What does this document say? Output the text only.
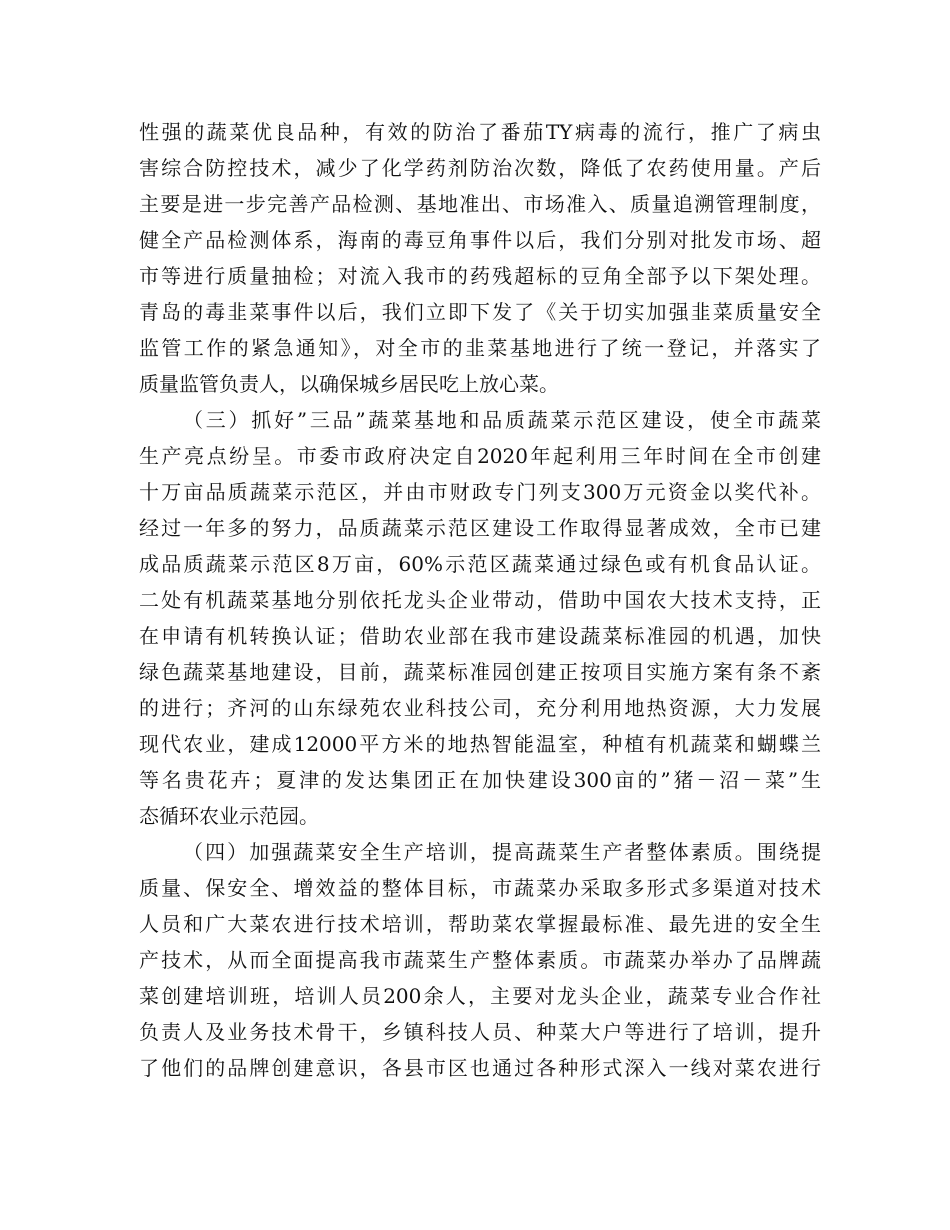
性强的蔬菜优良品种，有效的防治了番茄TY病毒的流行，推广了病虫
害综合防控技术，减少了化学药剂防治次数，降低了农药使用量。产后
主要是进一步完善产品检测、基地准出、市场准入、质量追溯管理制度，
健全产品检测体系，海南的毒豆角事件以后，我们分别对批发市场、超
市等进行质量抽检；对流入我市的药残超标的豆角全部予以下架处理。
青岛的毒韭菜事件以后，我们立即下发了《关于切实加强韭菜质量安全
监管工作的紧急通知》，对全市的韭菜基地进行了统一登记，并落实了
质量监管负责人，以确保城乡居民吃上放心菜。
（三）抓好”三品”蔬菜基地和品质蔬菜示范区建设，使全市蔬菜
生产亮点纷呈。市委市政府决定自2020年起利用三年时间在全市创建
十万亩品质蔬菜示范区，并由市财政专门列支300万元资金以奖代补。
经过一年多的努力，品质蔬菜示范区建设工作取得显著成效，全市已建
成品质蔬菜示范区8万亩，60%示范区蔬菜通过绿色或有机食品认证。
二处有机蔬菜基地分别依托龙头企业带动，借助中国农大技术支持，正
在申请有机转换认证；借助农业部在我市建设蔬菜标准园的机遇，加快
绿色蔬菜基地建设，目前，蔬菜标准园创建正按项目实施方案有条不紊
的进行；齐河的山东绿苑农业科技公司，充分利用地热资源，大力发展
现代农业，建成12000平方米的地热智能温室，种植有机蔬菜和蝴蝶兰
等名贵花卉；夏津的发达集团正在加快建设300亩的”猪－沼－菜”生
态循环农业示范园。
（四）加强蔬菜安全生产培训，提高蔬菜生产者整体素质。围绕提
质量、保安全、增效益的整体目标，市蔬菜办采取多形式多渠道对技术
人员和广大菜农进行技术培训，帮助菜农掌握最标准、最先进的安全生
产技术，从而全面提高我市蔬菜生产整体素质。市蔬菜办举办了品牌蔬
菜创建培训班，培训人员200余人，主要对龙头企业，蔬菜专业合作社
负责人及业务技术骨干，乡镇科技人员、种菜大户等进行了培训，提升
了他们的品牌创建意识，各县市区也通过各种形式深入一线对菜农进行
